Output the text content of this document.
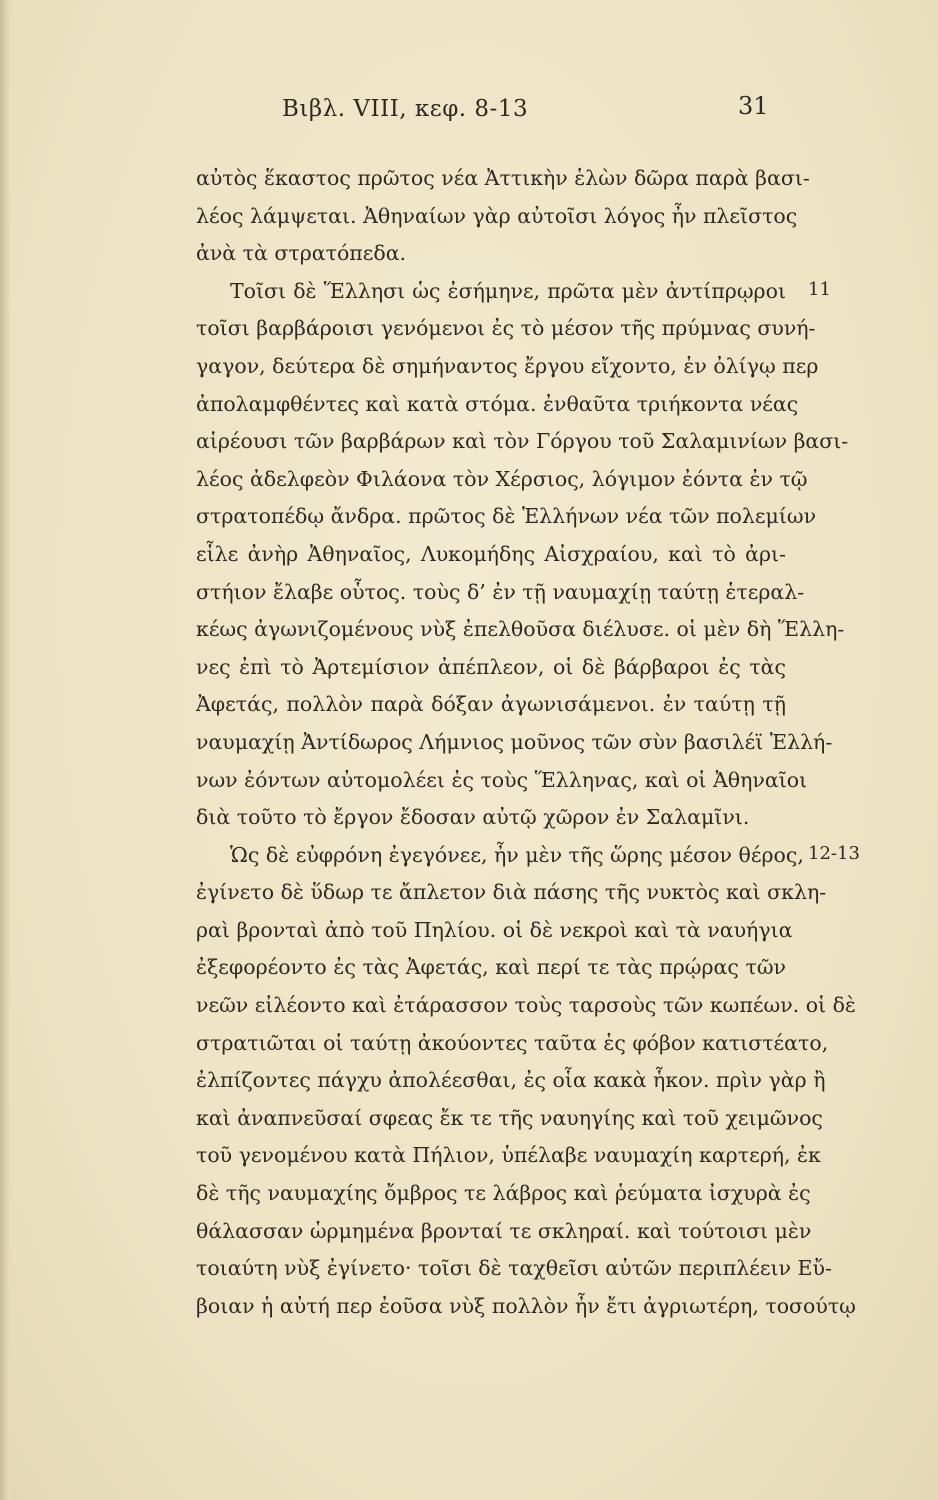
Βιβλ. VIII, κεφ. 8-13	31
11
12-13
αὐτὸς ἕκαστος πρῶτος νέα Ἀττικὴν ἑλὼν δῶρα παρὰ βασι-
λέος λάμψεται. Ἀθηναίων γὰρ αὐτοῖσι λόγος ἦν πλεῖστος
ἀνὰ τὰ στρατόπεδα.
Τοῖσι δὲ Ἕλλησι ὡς ἐσήμηνε, πρῶτα μὲν ἀντίπρῳροι
τοῖσι βαρβάροισι γενόμενοι ἐς τὸ μέσον τῆς πρύμνας συνή-
γαγον, δεύτερα δὲ σημήναντος ἔργου εἴχοντο, ἐν ὀλίγῳ περ
ἀπολαμφθέντες καὶ κατὰ στόμα. ἐνθαῦτα τριήκοντα νέας
αἱρέουσι τῶν βαρβάρων καὶ τὸν Γόργου τοῦ Σαλαμινίων βασι-
λέος ἀδελφεὸν Φιλάονα τὸν Χέρσιος, λόγιμον ἐόντα ἐν τῷ
στρατοπέδῳ ἄνδρα. πρῶτος δὲ Ἑλλήνων νέα τῶν πολεμίων
εἷλε ἀνὴρ Ἀθηναῖος, Λυκομήδης Αἰσχραίου, καὶ τὸ ἀρι-
στήιον ἔλαβε οὗτος. τοὺς δ’ ἐν τῇ ναυμαχίῃ ταύτῃ ἑτεραλ-
κέως ἀγωνιζομένους νὺξ ἐπελθοῦσα διέλυσε. οἱ μὲν δὴ Ἕλλη-
νες ἐπὶ τὸ Ἀρτεμίσιον ἀπέπλεον, οἱ δὲ βάρβαροι ἐς τὰς
Ἀφετάς, πολλὸν παρὰ δόξαν ἀγωνισάμενοι. ἐν ταύτῃ τῇ
ναυμαχίῃ Ἀντίδωρος Λήμνιος μοῦνος τῶν σὺν βασιλέϊ Ἑλλή-
νων ἐόντων αὐτομολέει ἐς τοὺς Ἕλληνας, καὶ οἱ Ἀθηναῖοι
διὰ τοῦτο τὸ ἔργον ἔδοσαν αὐτῷ χῶρον ἐν Σαλαμῖνι.
Ὡς δὲ εὐφρόνη ἐγεγόνεε, ἦν μὲν τῆς ὥρης μέσον θέρος,
ἐγίνετο δὲ ὕδωρ τε ἄπλετον διὰ πάσης τῆς νυκτὸς καὶ σκλη-
ραὶ βρονταὶ ἀπὸ τοῦ Πηλίου. οἱ δὲ νεκροὶ καὶ τὰ ναυήγια
ἐξεφορέοντο ἐς τὰς Ἀφετάς, καὶ περί τε τὰς πρῴρας τῶν
νεῶν εἰλέοντο καὶ ἐτάρασσον τοὺς ταρσοὺς τῶν κωπέων. οἱ δὲ
στρατιῶται οἱ ταύτῃ ἀκούοντες ταῦτα ἐς φόβον κατιστέατο,
ἐλπίζοντες πάγχυ ἀπολέεσθαι, ἐς οἷα κακὰ ἧκον. πρὶν γὰρ ἢ
καὶ ἀναπνεῦσαί σφεας ἔκ τε τῆς ναυηγίης καὶ τοῦ χειμῶνος
τοῦ γενομένου κατὰ Πήλιον, ὑπέλαβε ναυμαχίη καρτερή, ἐκ
δὲ τῆς ναυμαχίης ὄμβρος τε λάβρος καὶ ῥεύματα ἰσχυρὰ ἐς
θάλασσαν ὡρμημένα βρονταί τε σκληραί. καὶ τούτοισι μὲν
τοιαύτη νὺξ ἐγίνετο· τοῖσι δὲ ταχθεῖσι αὐτῶν περιπλέειν Εὔ-
βοιαν ἡ αὐτή περ ἐοῦσα νὺξ πολλὸν ἦν ἔτι ἀγριωτέρη, τοσούτῳ
